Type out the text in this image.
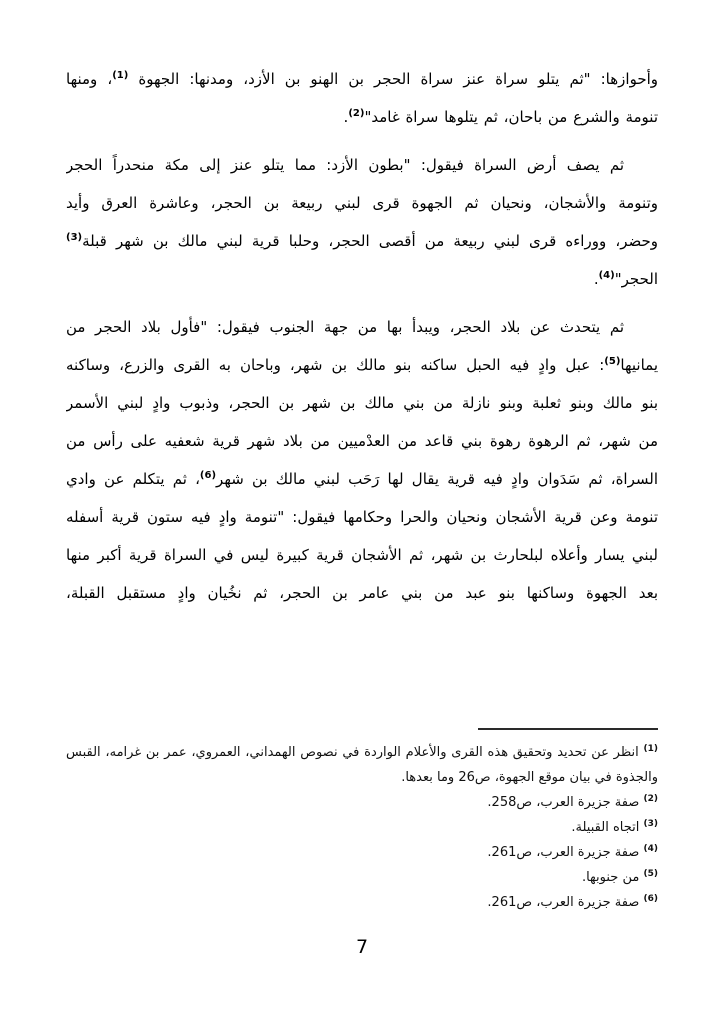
وأحوازها: "ثم يتلو سراة عنز سراة الحجر بن الهنو بن الأزد، ومدنها: الجهوة $^{(1)}$، ومنها
تنومة والشرع من باحان، ثم يتلوها سراة غامد"$^{(2)}$.
ثم يصف أرض السراة فيقول: "بطون الأزد: مما يتلو عنز إلى مكة منحدراً الحجر
وتنومة والأشجان، ونحيان ثم الجهوة قرى لبني ربيعة بن الحجر، وعاشرة العرق وأيد
وحضر، ووراءه قرى لبني ربيعة من أقصى الحجر، وحلبا قرية لبني مالك بن شهر قبلة$^{(3)}$
الحجر"$^{(4)}$.
ثم يتحدث عن بلاد الحجر، ويبدأ بها من جهة الجنوب فيقول: "فأول بلاد الحجر من
يمانيها$^{(5)}$: عبل وادٍ فيه الحبل ساكنه بنو مالك بن شهر، وباحان به القرى والزرع، وساكنه
بنو مالك وبنو ثعلبة وبنو نازلة من بني مالك بن شهر بن الحجر، وذبوب وادٍ لبني الأسمر
من شهر، ثم الرهوة رهوة بني قاعد من العدْميين من بلاد شهر قرية شعفيه على رأس من
السراة، ثم سَدَوان وادٍ فيه قرية يقال لها رَحَب لبني مالك بن شهر$^{(6)}$، ثم يتكلم عن وادي
تنومة وعن قرية الأشجان ونحيان والحرا وحكامها فيقول: "تنومة وادٍ فيه ستون قرية أسفله
لبني يسار وأعلاه لبلحارث بن شهر، ثم الأشجان قرية كبيرة ليس في السراة قرية أكبر منها
بعد الجهوة وساكنها بنو عبد من بني عامر بن الحجر، ثم نخُيان وادٍ مستقبل القبلة،
$^{(1)}$ انظر عن تحديد وتحقيق هذه القرى والأعلام الواردة في نصوص الهمداني، العمروي، عمر بن غرامه، القبس والجذوة في بيان موقع الجهوة، ص26 وما بعدها.
$^{(2)}$ صفة جزيرة العرب، ص258.
$^{(3)}$ اتجاه القبيلة.
$^{(4)}$ صفة جزيرة العرب، ص261.
$^{(5)}$ من جنوبها.
$^{(6)}$ صفة جزيرة العرب، ص261.
7
